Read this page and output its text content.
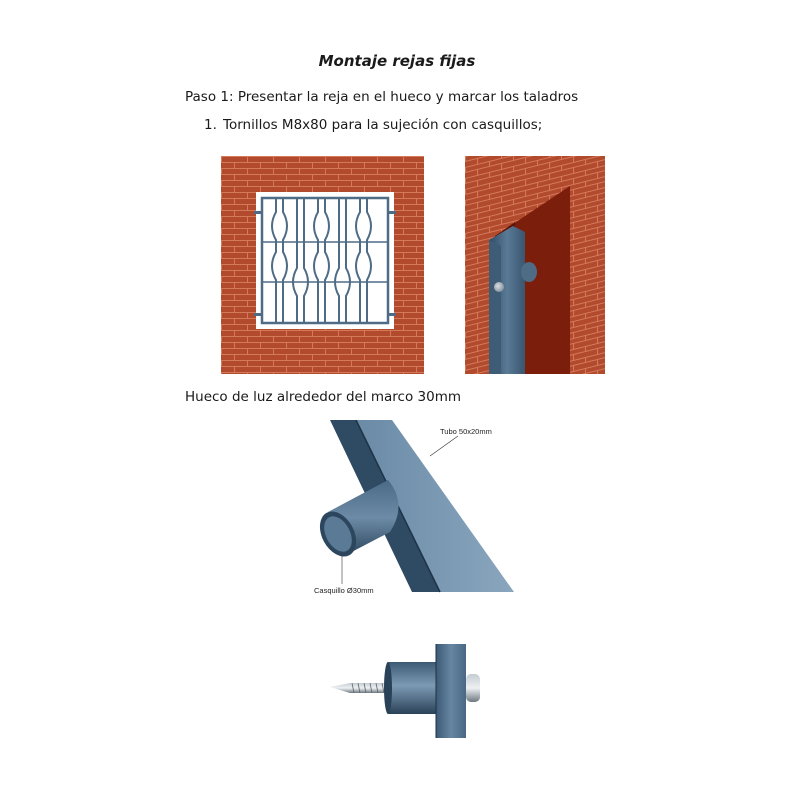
Montaje rejas fijas

Paso 1: Presentar la reja en el hueco y marcar los taladros

1. Tornillos M8x80 para la sujeción con casquillos;

Hueco de luz alrededor del marco 30mm

Tubo 50x20mm
Casquillo Ø30mm
